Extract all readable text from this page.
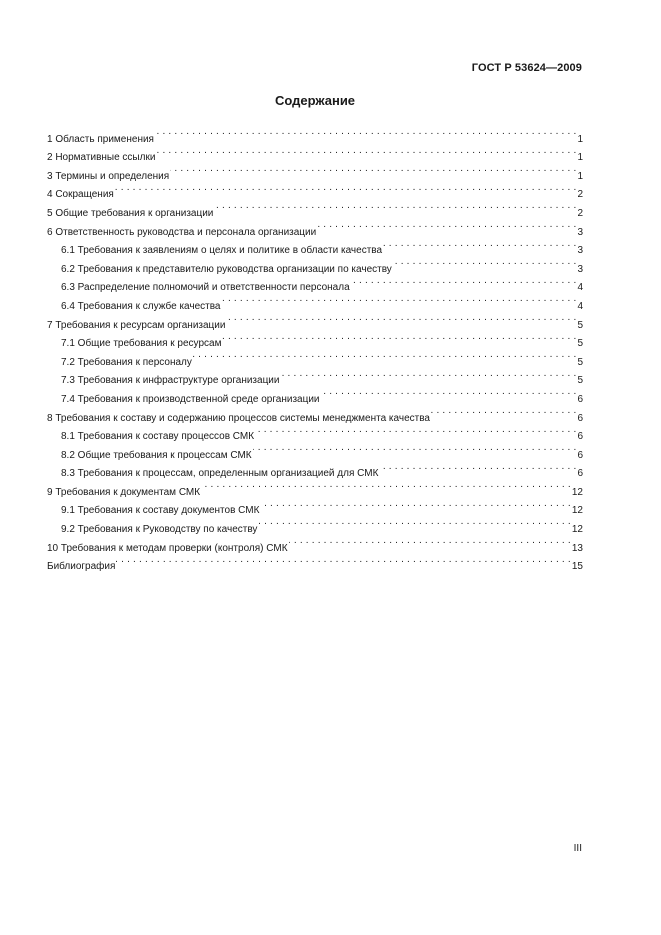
ГОСТ Р 53624—2009
Содержание
1 Область применения . . .	1
2 Нормативные ссылки . . .	1
3 Термины и определения . . .	1
4 Сокращения . . .	2
5 Общие требования к организации . . .	2
6 Ответственность руководства и персонала организации . . .	3
6.1 Требования к заявлениям о целях и политике в области качества . . .	3
6.2 Требования к представителю руководства организации по качеству . . .	3
6.3 Распределение полномочий и ответственности персонала . . .	4
6.4 Требования к службе качества . . .	4
7 Требования к ресурсам организации . . .	5
7.1 Общие требования к ресурсам . . .	5
7.2 Требования к персоналу . . .	5
7.3 Требования к инфраструктуре организации . . .	5
7.4 Требования к производственной среде организации . . .	6
8 Требования к составу и содержанию процессов системы менеджмента качества . . .	6
8.1 Требования к составу процессов СМК . . .	6
8.2 Общие требования к процессам СМК . . .	6
8.3 Требования к процессам, определенным организацией для СМК . . .	6
9 Требования к документам СМК . . .	12
9.1 Требования к составу документов СМК . . .	12
9.2 Требования к Руководству по качеству . . .	12
10 Требования к методам проверки (контроля) СМК . . .	13
Библиография . . .	15
III
